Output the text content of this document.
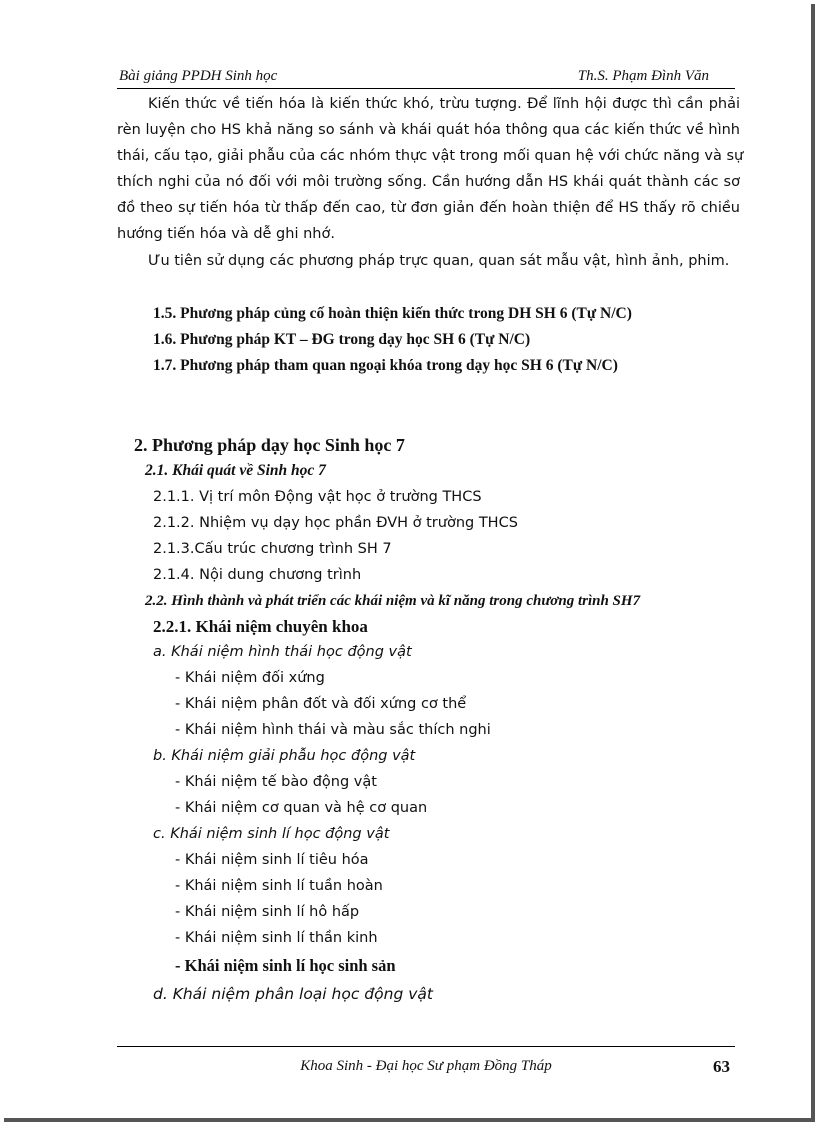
Bài giảng PPDH Sinh học	Th.S. Phạm Đình Văn
Kiến thức về tiến hóa là kiến thức khó, trừu tượng. Để lĩnh hội được thì cần phải
rèn luyện cho HS khả năng so sánh và khái quát hóa thông qua các kiến thức về hình
thái, cấu tạo, giải phẫu của các nhóm thực vật trong mối quan hệ với chức năng và sự
thích nghi của nó đối với môi trường sống. Cần hướng dẫn HS khái quát thành các sơ
đồ theo sự tiến hóa từ thấp đến cao, từ đơn giản đến hoàn thiện để HS thấy rõ chiều
hướng tiến hóa và dễ ghi nhớ.
Ưu tiên sử dụng các phương pháp trực quan, quan sát mẫu vật, hình ảnh, phim.
1.5. Phương pháp củng cố hoàn thiện kiến thức trong DH SH 6 (Tự N/C)
1.6. Phương pháp KT – ĐG trong dạy học SH 6 (Tự N/C)
1.7. Phương pháp tham quan ngoại khóa trong dạy học SH 6 (Tự N/C)
2. Phương pháp dạy học Sinh học 7
2.1. Khái quát về Sinh học 7
2.1.1. Vị trí môn Động vật học ở trường THCS
2.1.2. Nhiệm vụ dạy học phần ĐVH ở trường THCS
2.1.3.Cấu trúc chương trình SH 7
2.1.4. Nội dung chương trình
2.2. Hình thành và phát triển các khái niệm và kĩ năng trong chương trình SH7
2.2.1. Khái niệm chuyên khoa
a. Khái niệm hình thái học động vật
- Khái niệm đối xứng
- Khái niệm phân đốt và đối xứng cơ thể
- Khái niệm hình thái và màu sắc thích nghi
b. Khái niệm giải phẫu học động vật
- Khái niệm tế bào động vật
- Khái niệm cơ quan và hệ cơ quan
c. Khái niệm sinh lí học động vật
- Khái niệm sinh lí tiêu hóa
- Khái niệm sinh lí tuần hoàn
- Khái niệm sinh lí hô hấp
- Khái niệm sinh lí thần kinh
- Khái niệm sinh lí học sinh sản
d. Khái niệm phân loại học động vật
Khoa Sinh - Đại học Sư phạm Đồng Tháp	63
